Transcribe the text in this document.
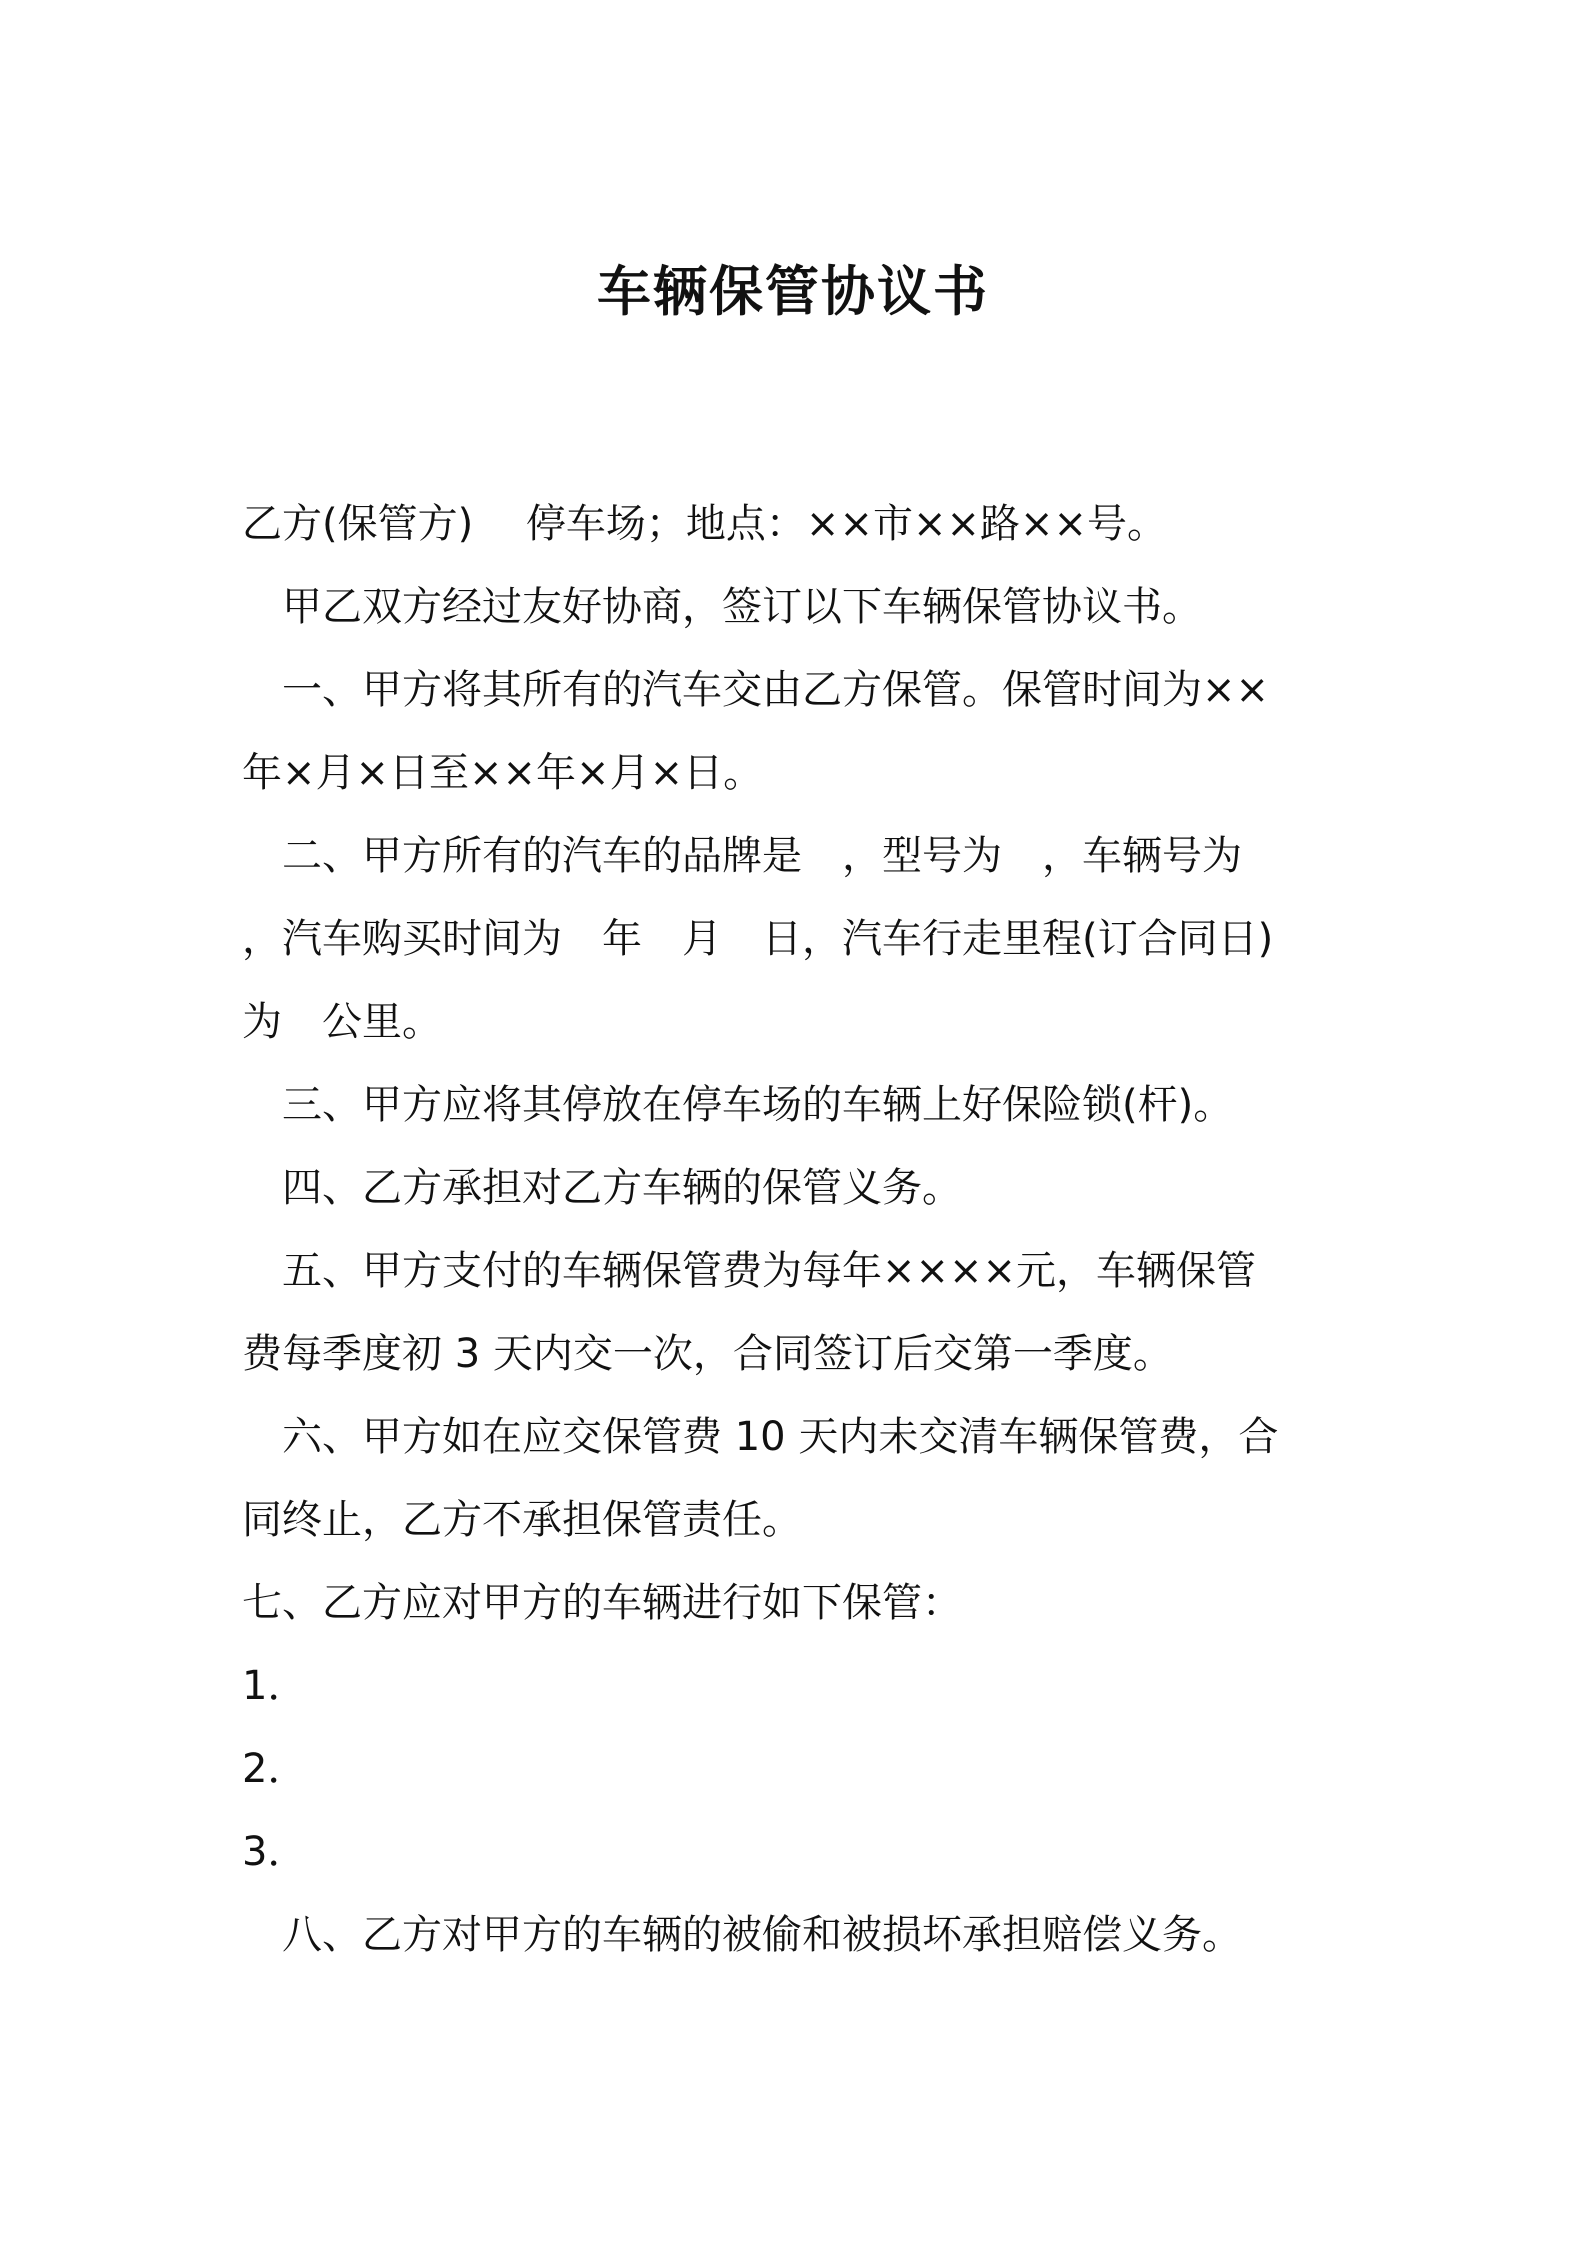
车辆保管协议书

乙方(保管方)　 停车场；地点：××市××路××号。

甲乙双方经过友好协商，签订以下车辆保管协议书。

一、甲方将其所有的汽车交由乙方保管。保管时间为××

年×月×日至××年×月×日。

二、甲方所有的汽车的品牌是　，型号为　，车辆号为

，汽车购买时间为　年　月　日，汽车行走里程(订合同日)

为　公里。

三、甲方应将其停放在停车场的车辆上好保险锁(杆)。

四、乙方承担对乙方车辆的保管义务。

五、甲方支付的车辆保管费为每年××××元，车辆保管

费每季度初 3 天内交一次，合同签订后交第一季度。

六、甲方如在应交保管费 10 天内未交清车辆保管费，合

同终止，乙方不承担保管责任。

七、乙方应对甲方的车辆进行如下保管：

1．

2．

3．

八、乙方对甲方的车辆的被偷和被损坏承担赔偿义务。
